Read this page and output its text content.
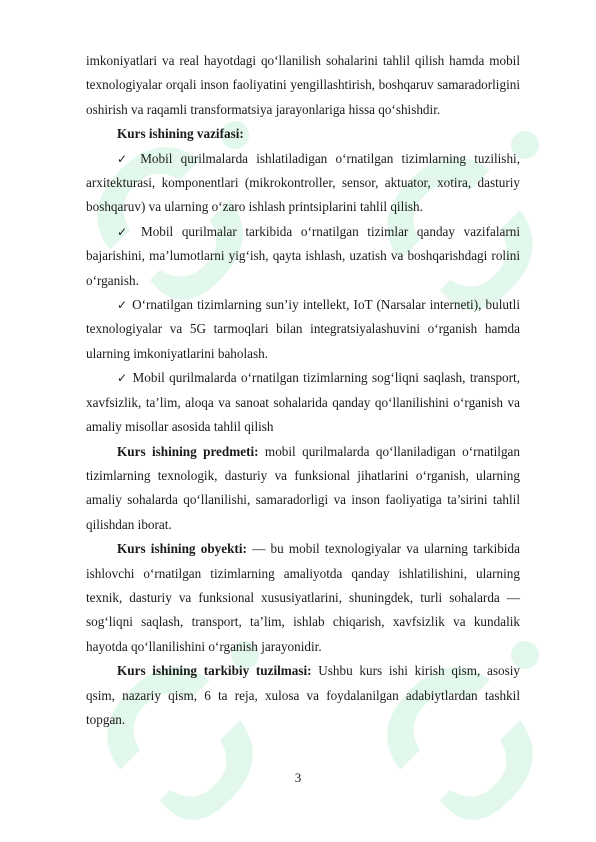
imkoniyatlari va real hayotdagi qo‘llanilish sohalarini tahlil qilish hamda mobil texnologiyalar orqali inson faoliyatini yengillashtirish, boshqaruv samaradorligini oshirish va raqamli transformatsiya jarayonlariga hissa qo‘shishdir.

Kurs ishining vazifasi:

✓ Mobil qurilmalarda ishlatiladigan o‘rnatilgan tizimlarning tuzilishi, arxitekturasi, komponentlari (mikrokontroller, sensor, aktuator, xotira, dasturiy boshqaruv) va ularning o‘zaro ishlash printsiplarini tahlil qilish.

✓ Mobil qurilmalar tarkibida o‘rnatilgan tizimlar qanday vazifalarni bajarishini, ma’lumotlarni yig‘ish, qayta ishlash, uzatish va boshqarishdagi rolini o‘rganish.

✓ O‘rnatilgan tizimlarning sun’iy intellekt, IoT (Narsalar interneti), bulutli texnologiyalar va 5G tarmoqlari bilan integratsiyalashuvini o‘rganish hamda ularning imkoniyatlarini baholash.

✓ Mobil qurilmalarda o‘rnatilgan tizimlarning sog‘liqni saqlash, transport, xavfsizlik, ta’lim, aloqa va sanoat sohalarida qanday qo‘llanilishini o‘rganish va amaliy misollar asosida tahlil qilish

Kurs ishining predmeti: mobil qurilmalarda qo‘llaniladigan o‘rnatilgan tizimlarning texnologik, dasturiy va funksional jihatlarini o‘rganish, ularning amaliy sohalarda qo‘llanilishi, samaradorligi va inson faoliyatiga ta’sirini tahlil qilishdan iborat.

Kurs ishining obyekti: — bu mobil texnologiyalar va ularning tarkibida ishlovchi o‘rnatilgan tizimlarning amaliyotda qanday ishlatilishini, ularning texnik, dasturiy va funksional xususiyatlarini, shuningdek, turli sohalarda — sog‘liqni saqlash, transport, ta’lim, ishlab chiqarish, xavfsizlik va kundalik hayotda qo‘llanilishini o‘rganish jarayonidir.

Kurs ishining tarkibiy tuzilmasi: Ushbu kurs ishi kirish qism, asosiy qsim, nazariy qism, 6 ta reja, xulosa va foydalanilgan adabiytlardan tashkil topgan.

3
